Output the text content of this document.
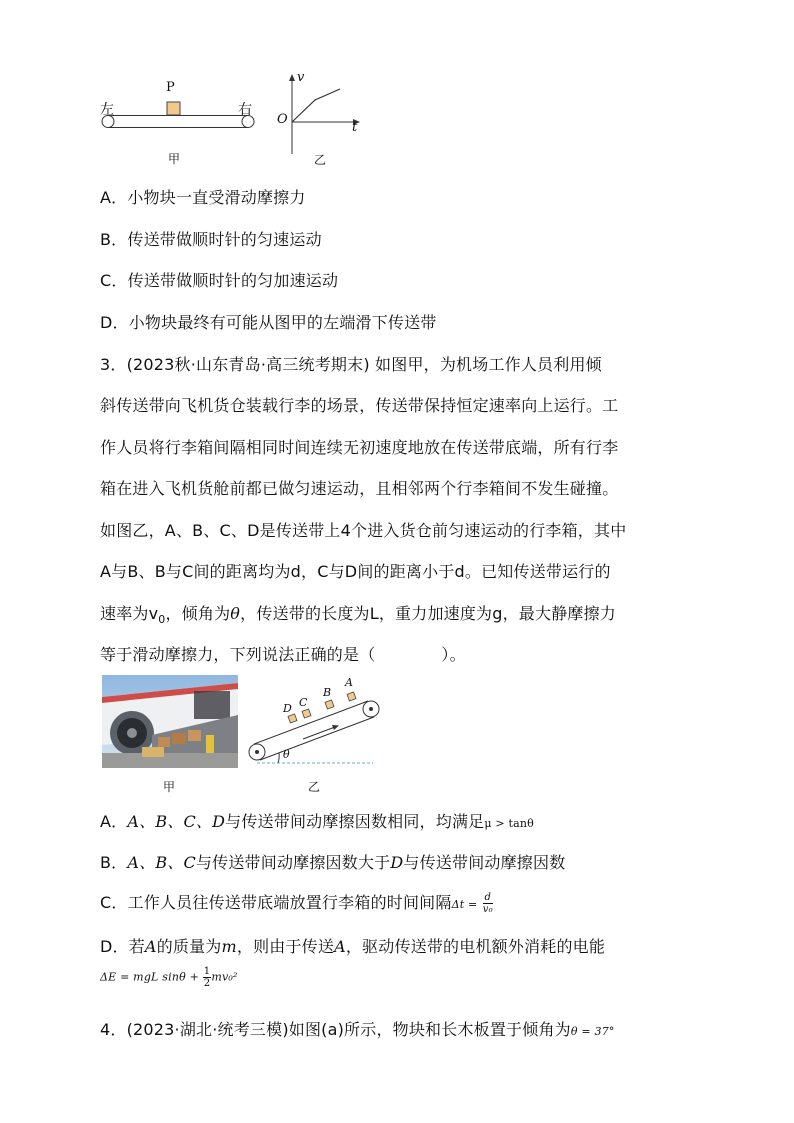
左	右
P
甲
v
O
t
乙
A．小物块一直受滑动摩擦力
B．传送带做顺时针的匀速运动
C．传送带做顺时针的匀加速运动
D．小物块最终有可能从图甲的左端滑下传送带
3．(2023秋·山东青岛·高三统考期末) 如图甲，为机场工作人员利用倾
斜传送带向飞机货仓装载行李的场景，传送带保持恒定速率向上运行。工
作人员将行李箱间隔相同时间连续无初速度地放在传送带底端，所有行李
箱在进入飞机货舱前都已做匀速运动，且相邻两个行李箱间不发生碰撞。
如图乙，A、B、C、D是传送带上4个进入货仓前匀速运动的行李箱，其中
A与B、B与C间的距离均为d，C与D间的距离小于d。已知传送带运行的
速率为$v_0$，倾角为θ，传送带的长度为L，重力加速度为g，最大静摩擦力
等于滑动摩擦力，下列说法正确的是（	）。
甲
D C
B
A
θ
乙
A．A、B、C、D与传送带间动摩擦因数相同，均满足μ > tanθ
B．A、B、C与传送带间动摩擦因数大于D与传送带间动摩擦因数
C．工作人员往传送带底端放置行李箱的时间间隔$\Delta t = \frac{d}{\text{v₀}}$
D．若A的质量为m，则由于传送A，驱动传送带的电机额外消耗的电能
ΔE = mgL $\sin\theta + \frac{1}{2} mv_0^2$
4．(2023·湖北·统考三模)如图(a)所示，物块和长木板置于倾角为θ = 37°
